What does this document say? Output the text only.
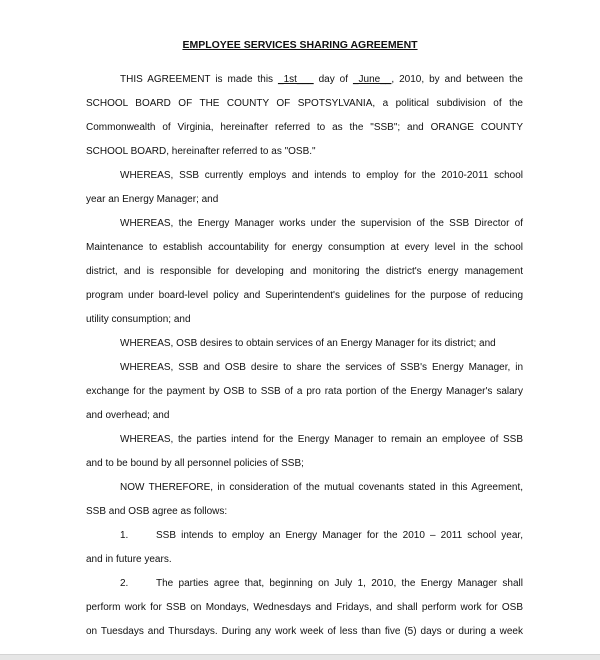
EMPLOYEE SERVICES SHARING AGREEMENT
THIS AGREEMENT is made this _1st___ day of _June__, 2010, by and between the
SCHOOL BOARD OF THE COUNTY OF SPOTSYLVANIA, a political subdivision of the
Commonwealth of Virginia, hereinafter referred to as the "SSB"; and ORANGE COUNTY
SCHOOL BOARD, hereinafter referred to as "OSB."
WHEREAS, SSB currently employs and intends to employ for the 2010-2011 school
year an Energy Manager; and
WHEREAS, the Energy Manager works under the supervision of the SSB Director of
Maintenance to establish accountability for energy consumption at every level in the school
district, and is responsible for developing and monitoring the district's energy management
program under board-level policy and Superintendent's guidelines for the purpose of reducing
utility consumption; and
WHEREAS, OSB desires to obtain services of an Energy Manager for its district; and
WHEREAS, SSB and OSB desire to share the services of SSB's Energy Manager, in
exchange for the payment by OSB to SSB of a pro rata portion of the Energy Manager's salary
and overhead; and
WHEREAS, the parties intend for the Energy Manager to remain an employee of SSB
and to be bound by all personnel policies of SSB;
NOW THEREFORE, in consideration of the mutual covenants stated in this Agreement,
SSB and OSB agree as follows:
1.	SSB intends to employ an Energy Manager for the 2010 – 2011 school year,
and in future years.
2.	The parties agree that, beginning on July 1, 2010, the Energy Manager shall
perform work for SSB on Mondays, Wednesdays and Fridays, and shall perform work for OSB
on Tuesdays and Thursdays. During any work week of less than five (5) days or during a week
